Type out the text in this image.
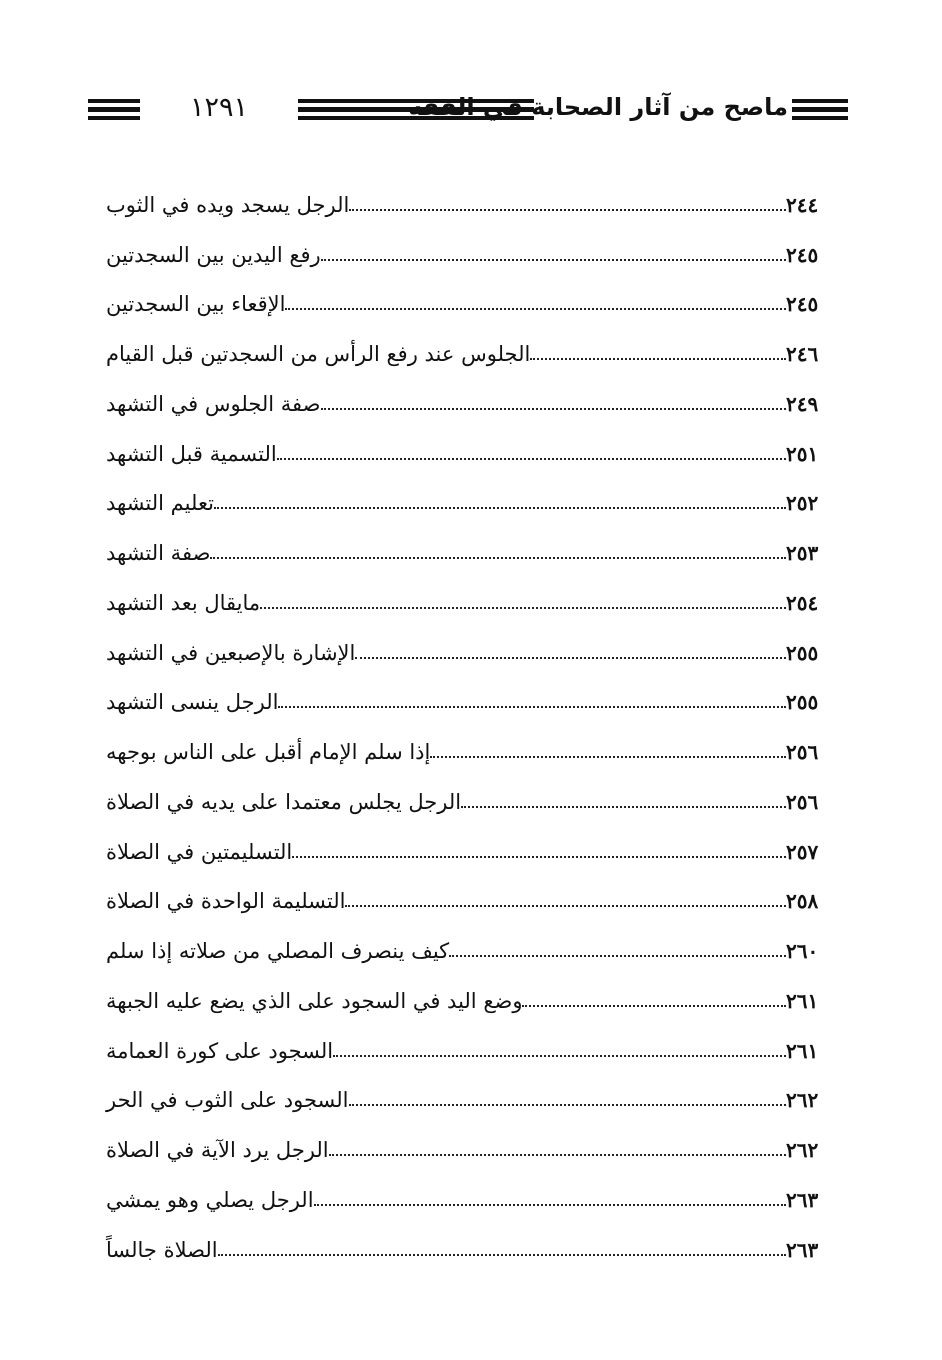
١٢٩١	ماصح من آثار الصحابة في الفقه
الرجل يسجد ويده في الثوب	٢٤٤
رفع اليدين بين السجدتين	٢٤٥
الإقعاء بين السجدتين	٢٤٥
الجلوس عند رفع الرأس من السجدتين قبل القيام	٢٤٦
صفة الجلوس في التشهد	٢٤٩
التسمية قبل التشهد	٢٥١
تعليم التشهد	٢٥٢
صفة التشهد	٢٥٣
مايقال بعد التشهد	٢٥٤
الإشارة بالإصبعين في التشهد	٢٥٥
الرجل ينسى التشهد	٢٥٥
إذا سلم الإمام أقبل على الناس بوجهه	٢٥٦
الرجل يجلس معتمدا على يديه في الصلاة	٢٥٦
التسليمتين في الصلاة	٢٥٧
التسليمة الواحدة في الصلاة	٢٥٨
كيف ينصرف المصلي من صلاته إذا سلم	٢٦٠
وضع اليد في السجود على الذي يضع عليه الجبهة	٢٦١
السجود على كورة العمامة	٢٦١
السجود على الثوب في الحر	٢٦٢
الرجل يرد الآية في الصلاة	٢٦٢
الرجل يصلي وهو يمشي	٢٦٣
الصلاة جالساً	٢٦٣
